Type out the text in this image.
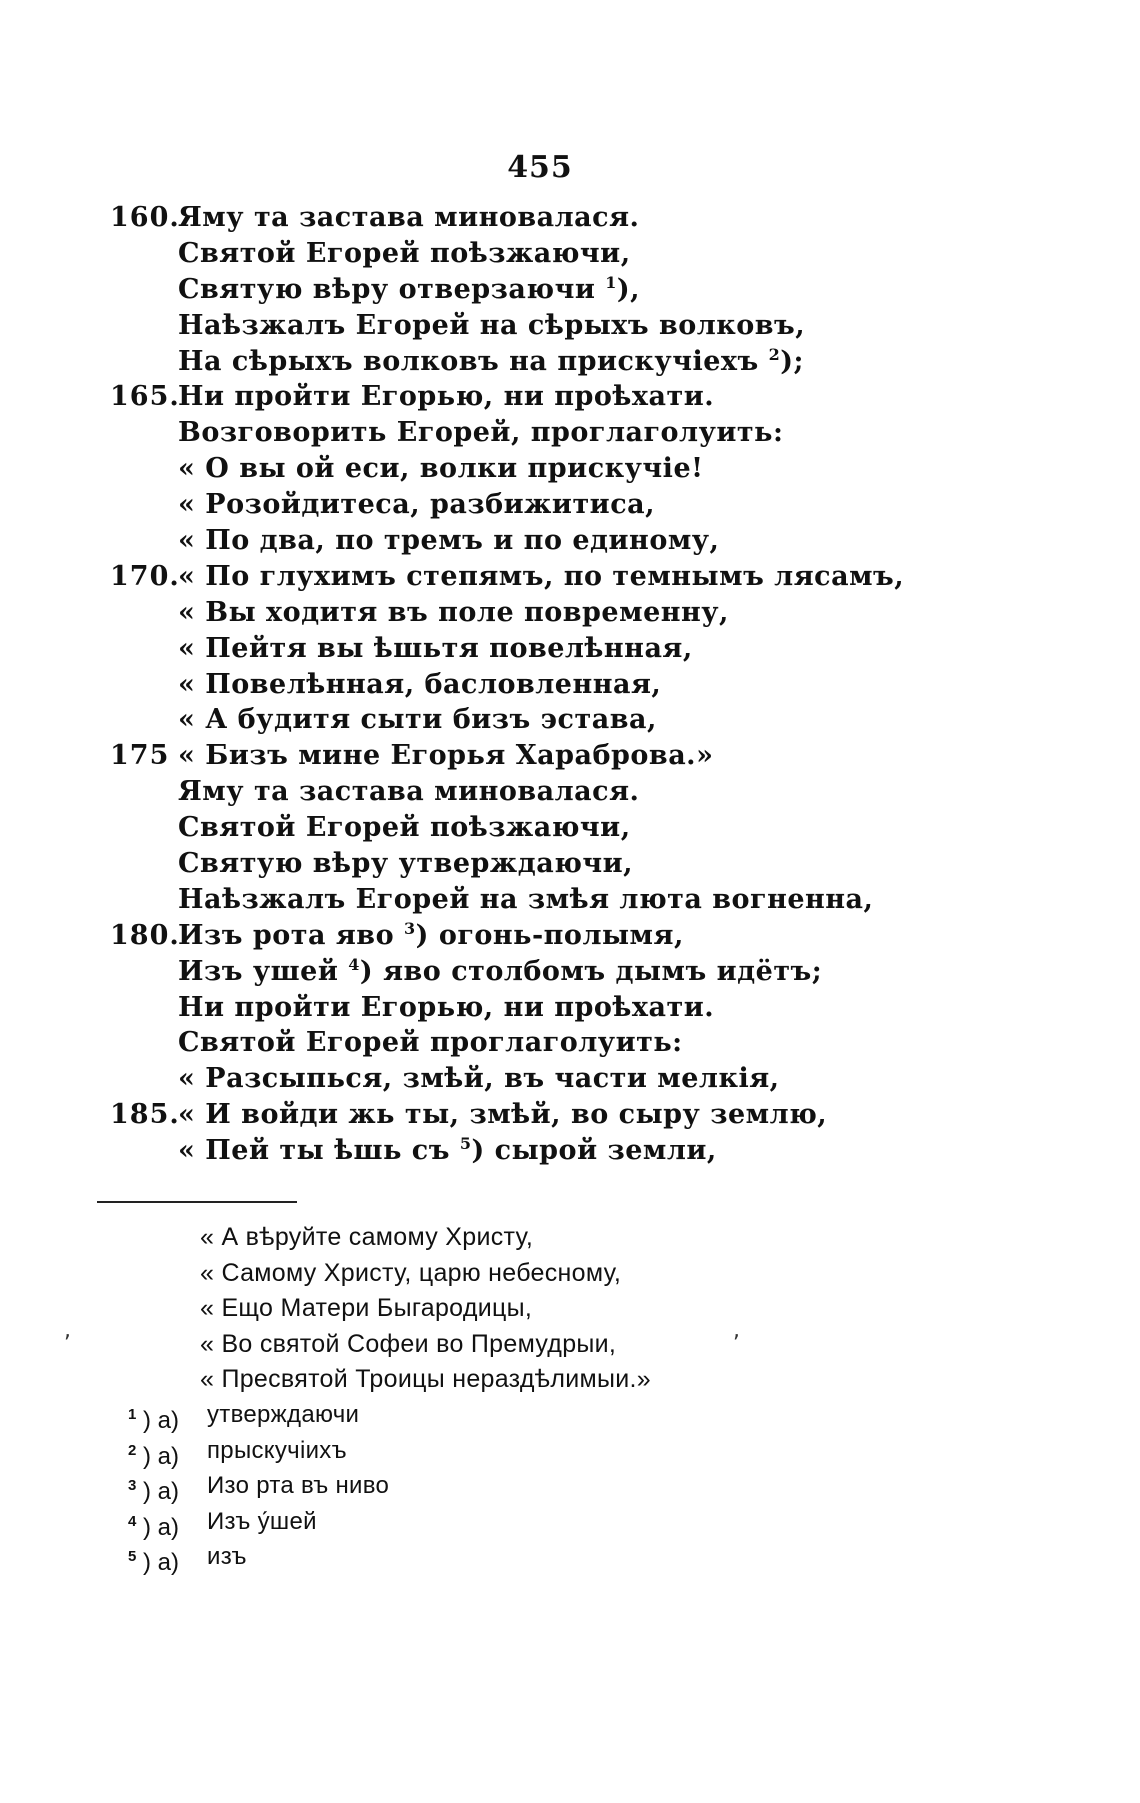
455
160.
Яму та застава миновалася.
Святой Егорей поѣзжаючи,
Святую вѣру отверзаючи $^1$),
Наѣзжалъ Егорей на сѣрыхъ волковъ,
На сѣрыхъ волковъ на прискучіехъ $^2$);
165.
Ни пройти Егорью, ни проѣхати.
Возговорить Егорей, проглаголуить:
« О вы ой еси, волки прискучіе!
« Розойдитеса, разбижитиса,
« По два, по тремъ и по единому,
170.
« По глухимъ степямъ, по темнымъ лясамъ,
« Вы ходитя въ поле повременну,
« Пейтя вы ѣшьтя повелѣнная,
« Повелѣнная, басловленная,
« А будитя сыти бизъ эстава,
175 « Бизъ мине Егорья Хараброва.»
Яму та застава миновалася.
Святой Егорей поѣзжаючи,
Святую вѣру утверждаючи,
Наѣзжалъ Егорей на змѣя люта вогненна,
180.
Изъ рота яво $^3$) огонь-полымя,
Изъ ушей $^4$) яво столбомъ дымъ идётъ;
Ни пройти Егорью, ни проѣхати.
Святой Егорей проглаголуить:
« Разсыпься, змѣй, въ части мелкія,
185.
« И войди жь ты, змѣй, во сыру землю,
« Пей ты ѣшь съ $^5$) сырой земли,
« А вѣруйте самому Христу,
« Самому Христу, царю небесному,
« Ещо Матери Быгародицы,
« Во святой Софеи во Премудрыи,
« Пресвятой Троицы нераздѣлимыи.»
$^1$ ) а) утверждаючи
$^2$ ) а) прыскучіихъ
$^3$ ) а) Изо рта въ ниво
$^4$ ) а) Изъ у́шей
$^5$ ) а) изъ
,	,
